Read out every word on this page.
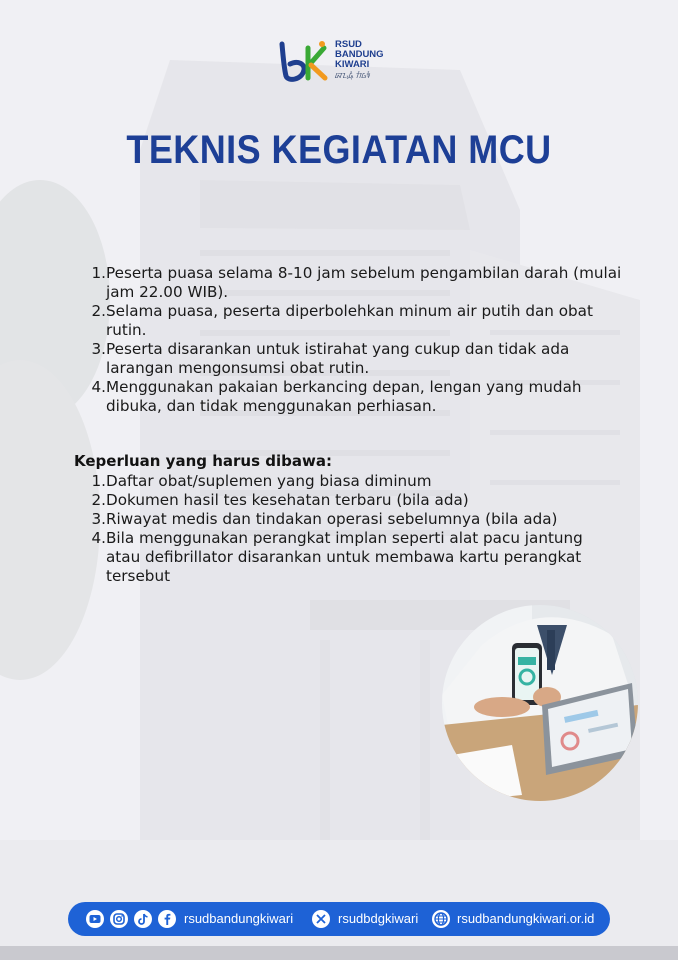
RSUD
BANDUNG
KIWARI
ᮘᮔ᮪ᮓᮥᮀ ᮊᮤᮝᮛᮤ
TEKNIS KEGIATAN MCU
1. Peserta puasa selama 8-10 jam sebelum pengambilan darah (mulai jam 22.00 WIB).
2. Selama puasa, peserta diperbolehkan minum air putih dan obat rutin.
3. Peserta disarankan untuk istirahat yang cukup dan tidak ada larangan mengonsumsi obat rutin.
4. Menggunakan pakaian berkancing depan, lengan yang mudah dibuka, dan tidak menggunakan perhiasan.
Keperluan yang harus dibawa:
1. Daftar obat/suplemen yang biasa diminum
2. Dokumen hasil tes kesehatan terbaru (bila ada)
3. Riwayat medis dan tindakan operasi sebelumnya (bila ada)
4. Bila menggunakan perangkat implan seperti alat pacu jantung atau defibrillator disarankan untuk membawa kartu perangkat tersebut
rsudbandungkiwari	rsudbdgkiwari	rsudbandungkiwari.or.id
